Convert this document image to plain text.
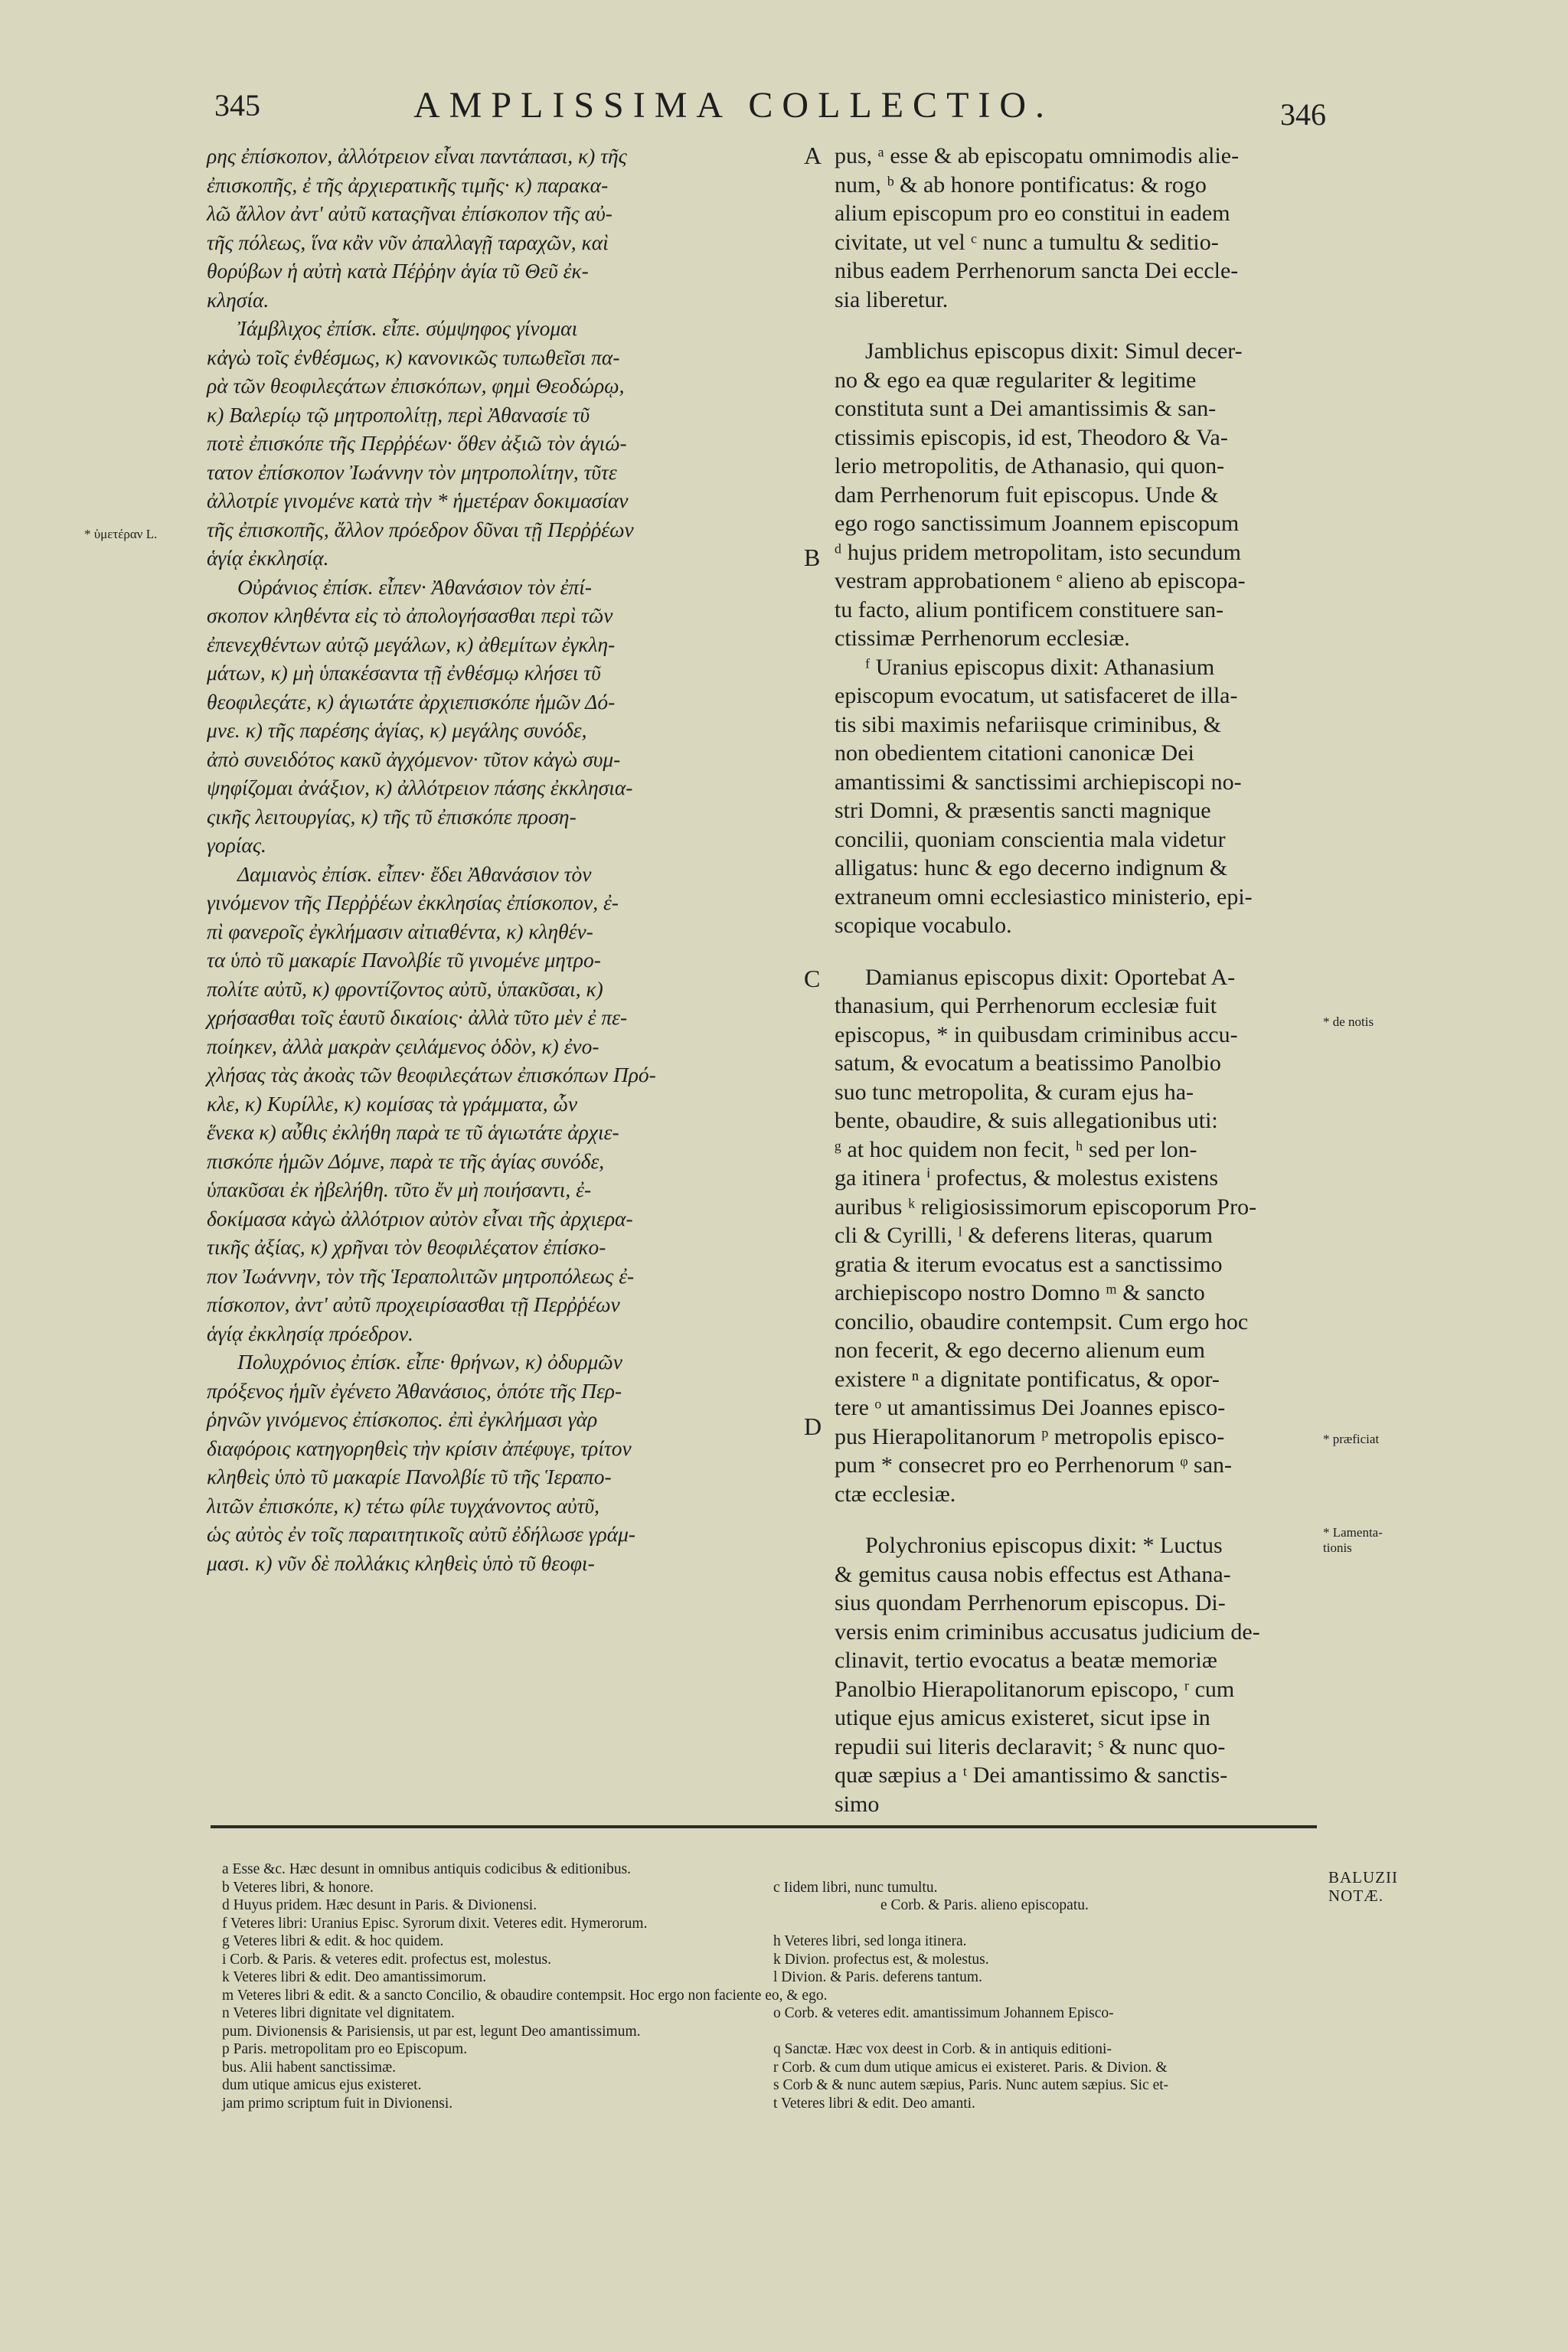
345	AMPLISSIMA COLLECTIO.	346

ρης ἐπίσκοπον, ἀλλότρειον εἶναι παντάπασι, κ) τῆς

ἐπισκοπῆς, ἐ τῆς ἀρχιερατικῆς τιμῆς· κ) παρακα-

λῶ ἄλλον ἀντ' αὐτῦ καταςῆναι ἐπίσκοπον τῆς αὐ-

τῆς πόλεως, ἵνα κἂν νῦν ἀπαλλαγῇ ταραχῶν, καὶ

θορύβων ἡ αὐτὴ κατὰ Πέῤῥην ἁγία τῦ Θεῦ ἐκ-

κλησία.

Ἰάμβλιχος ἐπίσκ. εἶπε. σύμψηφος γίνομαι

κἀγὼ τοῖς ἐνθέσμως, κ) κανονικῶς τυπωθεῖσι πα-

ρὰ τῶν θεοφιλεςάτων ἐπισκόπων, φημὶ Θεοδώρῳ,

κ) Βαλερίῳ τῷ μητροπολίτῃ, περὶ Ἀθανασίε τῦ

ποτὲ ἐπισκόπε τῆς Περῤῥέων· ὅθεν ἀξιῶ τὸν ἁγιώ-

τατον ἐπίσκοπον Ἰωάννην τὸν μητροπολίτην, τῦτε

ἀλλοτρίε γινομένε κατὰ τὴν * ἡμετέραν δοκιμασίαν

τῆς ἐπισκοπῆς, ἄλλον πρόεδρον δῦναι τῇ Περῤῥέων

ἁγίᾳ ἐκκλησίᾳ.

Οὐράνιος ἐπίσκ. εἶπεν· Ἀθανάσιον τὸν ἐπί-

σκοπον κληθέντα εἰς τὸ ἀπολογήσασθαι περὶ τῶν

ἐπενεχθέντων αὐτῷ μεγάλων, κ) ἀθεμίτων ἐγκλη-

μάτων, κ) μὴ ὑπακέσαντα τῇ ἐνθέσμῳ κλήσει τῦ

θεοφιλεςάτε, κ) ἁγιωτάτε ἀρχιεπισκόπε ἡμῶν Δό-

μνε. κ) τῆς παρέσης ἁγίας, κ) μεγάλης συνόδε,

ἀπὸ συνειδότος κακῦ ἀγχόμενον· τῦτον κἀγὼ συμ-

ψηφίζομαι ἀνάξιον, κ) ἀλλότρειον πάσης ἐκκλησια-

ςικῆς λειτουργίας, κ) τῆς τῦ ἐπισκόπε προση-

γορίας.

Δαμιανὸς ἐπίσκ. εἶπεν· ἔδει Ἀθανάσιον τὸν

γινόμενον τῆς Περῤῥέων ἐκκλησίας ἐπίσκοπον, ἐ-

πὶ φανεροῖς ἐγκλήμασιν αἰτιαθέντα, κ) κληθέν-

τα ὑπὸ τῦ μακαρίε Πανολβίε τῦ γινομένε μητρο-

πολίτε αὐτῦ, κ) φροντίζοντος αὐτῦ, ὑπακῦσαι, κ)

χρήσασθαι τοῖς ἑαυτῦ δικαίοις· ἀλλὰ τῦτο μὲν ἐ πε-

ποίηκεν, ἀλλὰ μακρὰν ςειλάμενος ὁδὸν, κ) ἐνο-

χλήσας τὰς ἀκοὰς τῶν θεοφιλεςάτων ἐπισκόπων Πρό-

κλε, κ) Κυρίλλε, κ) κομίσας τὰ γράμματα, ὧν

ἕνεκα κ) αὖθις ἐκλήθη παρὰ τε τῦ ἁγιωτάτε ἀρχιε-

πισκόπε ἡμῶν Δόμνε, παρὰ τε τῆς ἁγίας συνόδε,

ὑπακῦσαι ἐκ ἠβελήθη. τῦτο ἔν μὴ ποιήσαντι, ἐ-

δοκίμασα κἀγὼ ἀλλότριον αὐτὸν εἶναι τῆς ἀρχιερα-

τικῆς ἀξίας, κ) χρῆναι τὸν θεοφιλέςατον ἐπίσκο-

πον Ἰωάννην, τὸν τῆς Ἱεραπολιτῶν μητροπόλεως ἐ-

πίσκοπον, ἀντ' αὐτῦ προχειρίσασθαι τῇ Περῤῥέων

ἁγίᾳ ἐκκλησίᾳ πρόεδρον.

Πολυχρόνιος ἐπίσκ. εἶπε· θρήνων, κ) ὀδυρμῶν

πρόξενος ἡμῖν ἐγένετο Ἀθανάσιος, ὁπότε τῆς Περ-

ῥηνῶν γινόμενος ἐπίσκοπος. ἐπὶ ἐγκλήμασι γὰρ

διαφόροις κατηγορηθεὶς τὴν κρίσιν ἀπέφυγε, τρίτον

κληθεὶς ὑπὸ τῦ μακαρίε Πανολβίε τῦ τῆς Ἱεραπο-

λιτῶν ἐπισκόπε, κ) τέτω φίλε τυγχάνοντος αὐτῦ,

ὡς αὐτὸς ἐν τοῖς παραιτητικοῖς αὐτῦ ἐδήλωσε γράμ-

μασι. κ) νῦν δὲ πολλάκις κληθεὶς ὑπὸ τῦ θεοφι-

pus, ᵃ esse & ab episcopatu omnimodis alie-

num, ᵇ & ab honore pontificatus: & rogo

alium episcopum pro eo constitui in eadem

civitate, ut vel ᶜ nunc a tumultu & seditio-

nibus eadem Perrhenorum sancta Dei eccle-

sia liberetur.

Jamblichus episcopus dixit: Simul decer-

no & ego ea quæ regulariter & legitime

constituta sunt a Dei amantissimis & san-

ctissimis episcopis, id est, Theodoro & Va-

lerio metropolitis, de Athanasio, qui quon-

dam Perrhenorum fuit episcopus. Unde &

ego rogo sanctissimum Joannem episcopum

ᵈ hujus pridem metropolitam, isto secundum

vestram approbationem ᵉ alieno ab episcopa-

tu facto, alium pontificem constituere san-

ctissimæ Perrhenorum ecclesiæ.

ᶠ Uranius episcopus dixit: Athanasium

episcopum evocatum, ut satisfaceret de illa-

tis sibi maximis nefariisque criminibus, &

non obedientem citationi canonicæ Dei

amantissimi & sanctissimi archiepiscopi no-

stri Domni, & præsentis sancti magnique

concilii, quoniam conscientia mala videtur

alligatus: hunc & ego decerno indignum &

extraneum omni ecclesiastico ministerio, epi-

scopique vocabulo.

Damianus episcopus dixit: Oportebat A-

thanasium, qui Perrhenorum ecclesiæ fuit

episcopus, * in quibusdam criminibus accu-

satum, & evocatum a beatissimo Panolbio

suo tunc metropolita, & curam ejus ha-

bente, obaudire, & suis allegationibus uti:

ᵍ at hoc quidem non fecit, ʰ sed per lon-

ga itinera ⁱ profectus, & molestus existens

auribus ᵏ religiosissimorum episcoporum Pro-

cli & Cyrilli, ˡ & deferens literas, quarum

gratia & iterum evocatus est a sanctissimo

archiepiscopo nostro Domno ᵐ & sancto

concilio, obaudire contempsit. Cum ergo hoc

non fecerit, & ego decerno alienum eum

existere ⁿ a dignitate pontificatus, & opor-

tere ᵒ ut amantissimus Dei Joannes episco-

pus Hierapolitanorum ᵖ metropolis episco-

pum * consecret pro eo Perrhenorum ᵠ san-

ctæ ecclesiæ.

Polychronius episcopus dixit: * Luctus

& gemitus causa nobis effectus est Athana-

sius quondam Perrhenorum episcopus. Di-

versis enim criminibus accusatus judicium de-

clinavit, tertio evocatus a beatæ memoriæ

Panolbio Hierapolitanorum episcopo, ʳ cum

utique ejus amicus existeret, sicut ipse in

repudii sui literis declaravit; ˢ & nunc quo-

quæ sæpius a ᵗ Dei amantissimo & sanctis-

simo

A
B
C
D
* ὑμετέραν L.
* de notis
* præficiat
* Lamenta-
tionis
BALUZII
NOTÆ.
a Esse &c. Hæc desunt in omnibus antiquis codicibus & editionibus.
b Veteres libri, & honore.	c Iidem libri, nunc tumultu.
d Huyus pridem. Hæc desunt in Paris. & Divionensi.	e Corb. & Paris. alieno episcopatu.
f Veteres libri: Uranius Episc. Syrorum dixit. Veteres edit. Hymerorum.
g Veteres libri & edit. & hoc quidem.	h Veteres libri, sed longa itinera.
i Corb. & Paris. & veteres edit. profectus est, molestus.	k Divion. profectus est, & molestus.
k Veteres libri & edit. Deo amantissimorum.	l Divion. & Paris. deferens tantum.
m Veteres libri & edit. & a sancto Concilio, & obaudire contempsit. Hoc ergo non faciente eo, & ego.
n Veteres libri dignitate vel dignitatem.	o Corb. & veteres edit. amantissimum Johannem Episco-
pum. Divionensis & Parisiensis, ut par est, legunt Deo amantissimum.
p Paris. metropolitam pro eo Episcopum.	q Sanctæ. Hæc vox deest in Corb. & in antiquis editioni-
bus. Alii habent sanctissimæ.	r Corb. & cum dum utique amicus ei existeret. Paris. & Divion. &
dum utique amicus ejus existeret.	s Corb & & nunc autem sæpius, Paris. Nunc autem sæpius. Sic et-
jam primo scriptum fuit in Divionensi.	t Veteres libri & edit. Deo amanti.
